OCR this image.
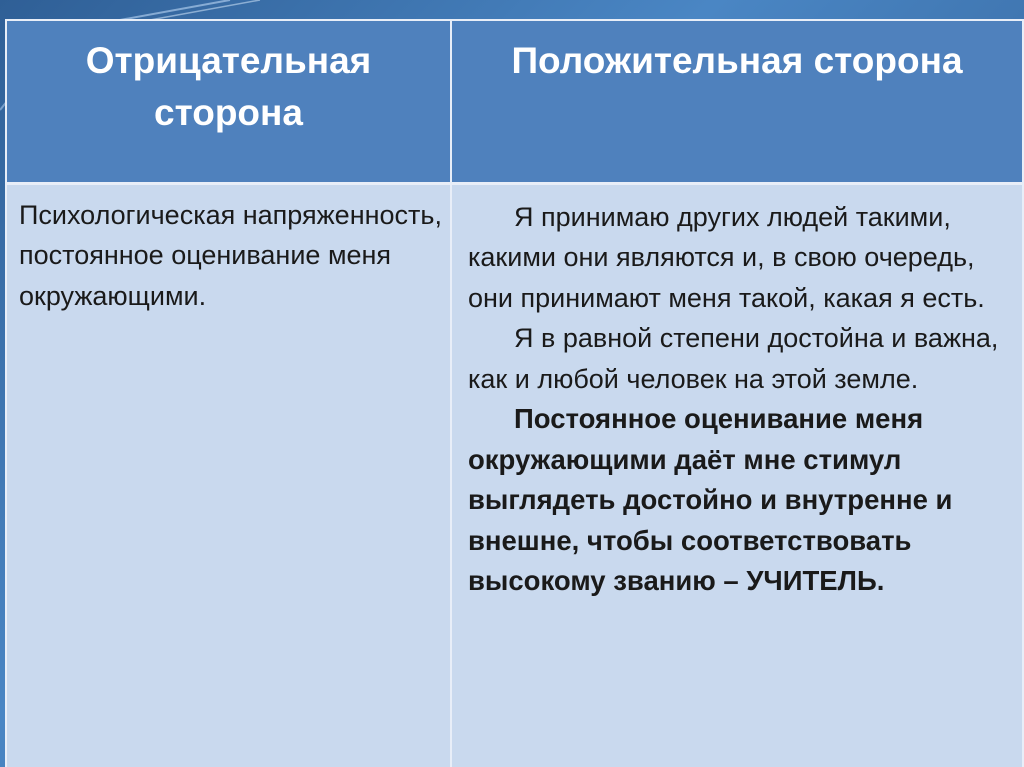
Отрицательная сторона	Положительная сторона

Психологическая напряженность, постоянное оценивание меня окружающими.	Я принимаю других людей такими, какими они являются и, в свою очередь, они принимают меня такой, какая я есть.
Я в равной степени достойна и важна, как и любой человек на этой земле.
Постоянное оценивание меня окружающими даёт мне стимул выглядеть достойно и внутренне и внешне, чтобы соответствовать высокому званию – УЧИТЕЛЬ.
